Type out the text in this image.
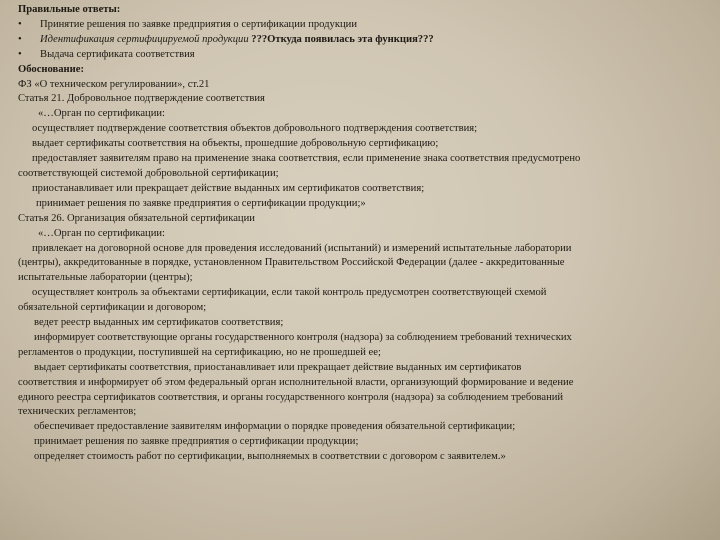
Правильные ответы:
•	Принятие решения по заявке предприятия о сертификации продукции
•	Идентификация сертифицируемой продукции ???Откуда появилась эта функция???
•	Выдача сертификата соответствия
Обоснование:
ФЗ «О техническом регулировании», ст.21
Статья 21. Добровольное подтверждение соответствия
«…Орган по сертификации:
осуществляет подтверждение соответствия объектов добровольного подтверждения соответствия;
выдает сертификаты соответствия на объекты, прошедшие добровольную сертификацию;
предоставляет заявителям право на применение знака соответствия, если применение знака соответствия предусмотрено
соответствующей системой добровольной сертификации;
приостанавливает или прекращает действие выданных им сертификатов соответствия;
принимает решения по заявке предприятия о сертификации продукции;»
Статья 26. Организация обязательной сертификации
«…Орган по сертификации:
привлекает на договорной основе для проведения исследований (испытаний) и измерений испытательные лаборатории
(центры), аккредитованные в порядке, установленном Правительством Российской Федерации (далее - аккредитованные
испытательные лаборатории (центры);
осуществляет контроль за объектами сертификации, если такой контроль предусмотрен соответствующей схемой
обязательной сертификации и договором;
ведет реестр выданных им сертификатов соответствия;
информирует соответствующие органы государственного контроля (надзора) за соблюдением требований технических
регламентов о продукции, поступившей на сертификацию, но не прошедшей ее;
выдает сертификаты соответствия, приостанавливает или прекращает действие выданных им сертификатов
соответствия и информирует об этом федеральный орган исполнительной власти, организующий формирование и ведение
единого реестра сертификатов соответствия, и органы государственного контроля (надзора) за соблюдением требований
технических регламентов;
обеспечивает предоставление заявителям информации о порядке проведения обязательной сертификации;
принимает решения по заявке предприятия о сертификации продукции;
определяет стоимость работ по сертификации, выполняемых в соответствии с договором с заявителем.»
